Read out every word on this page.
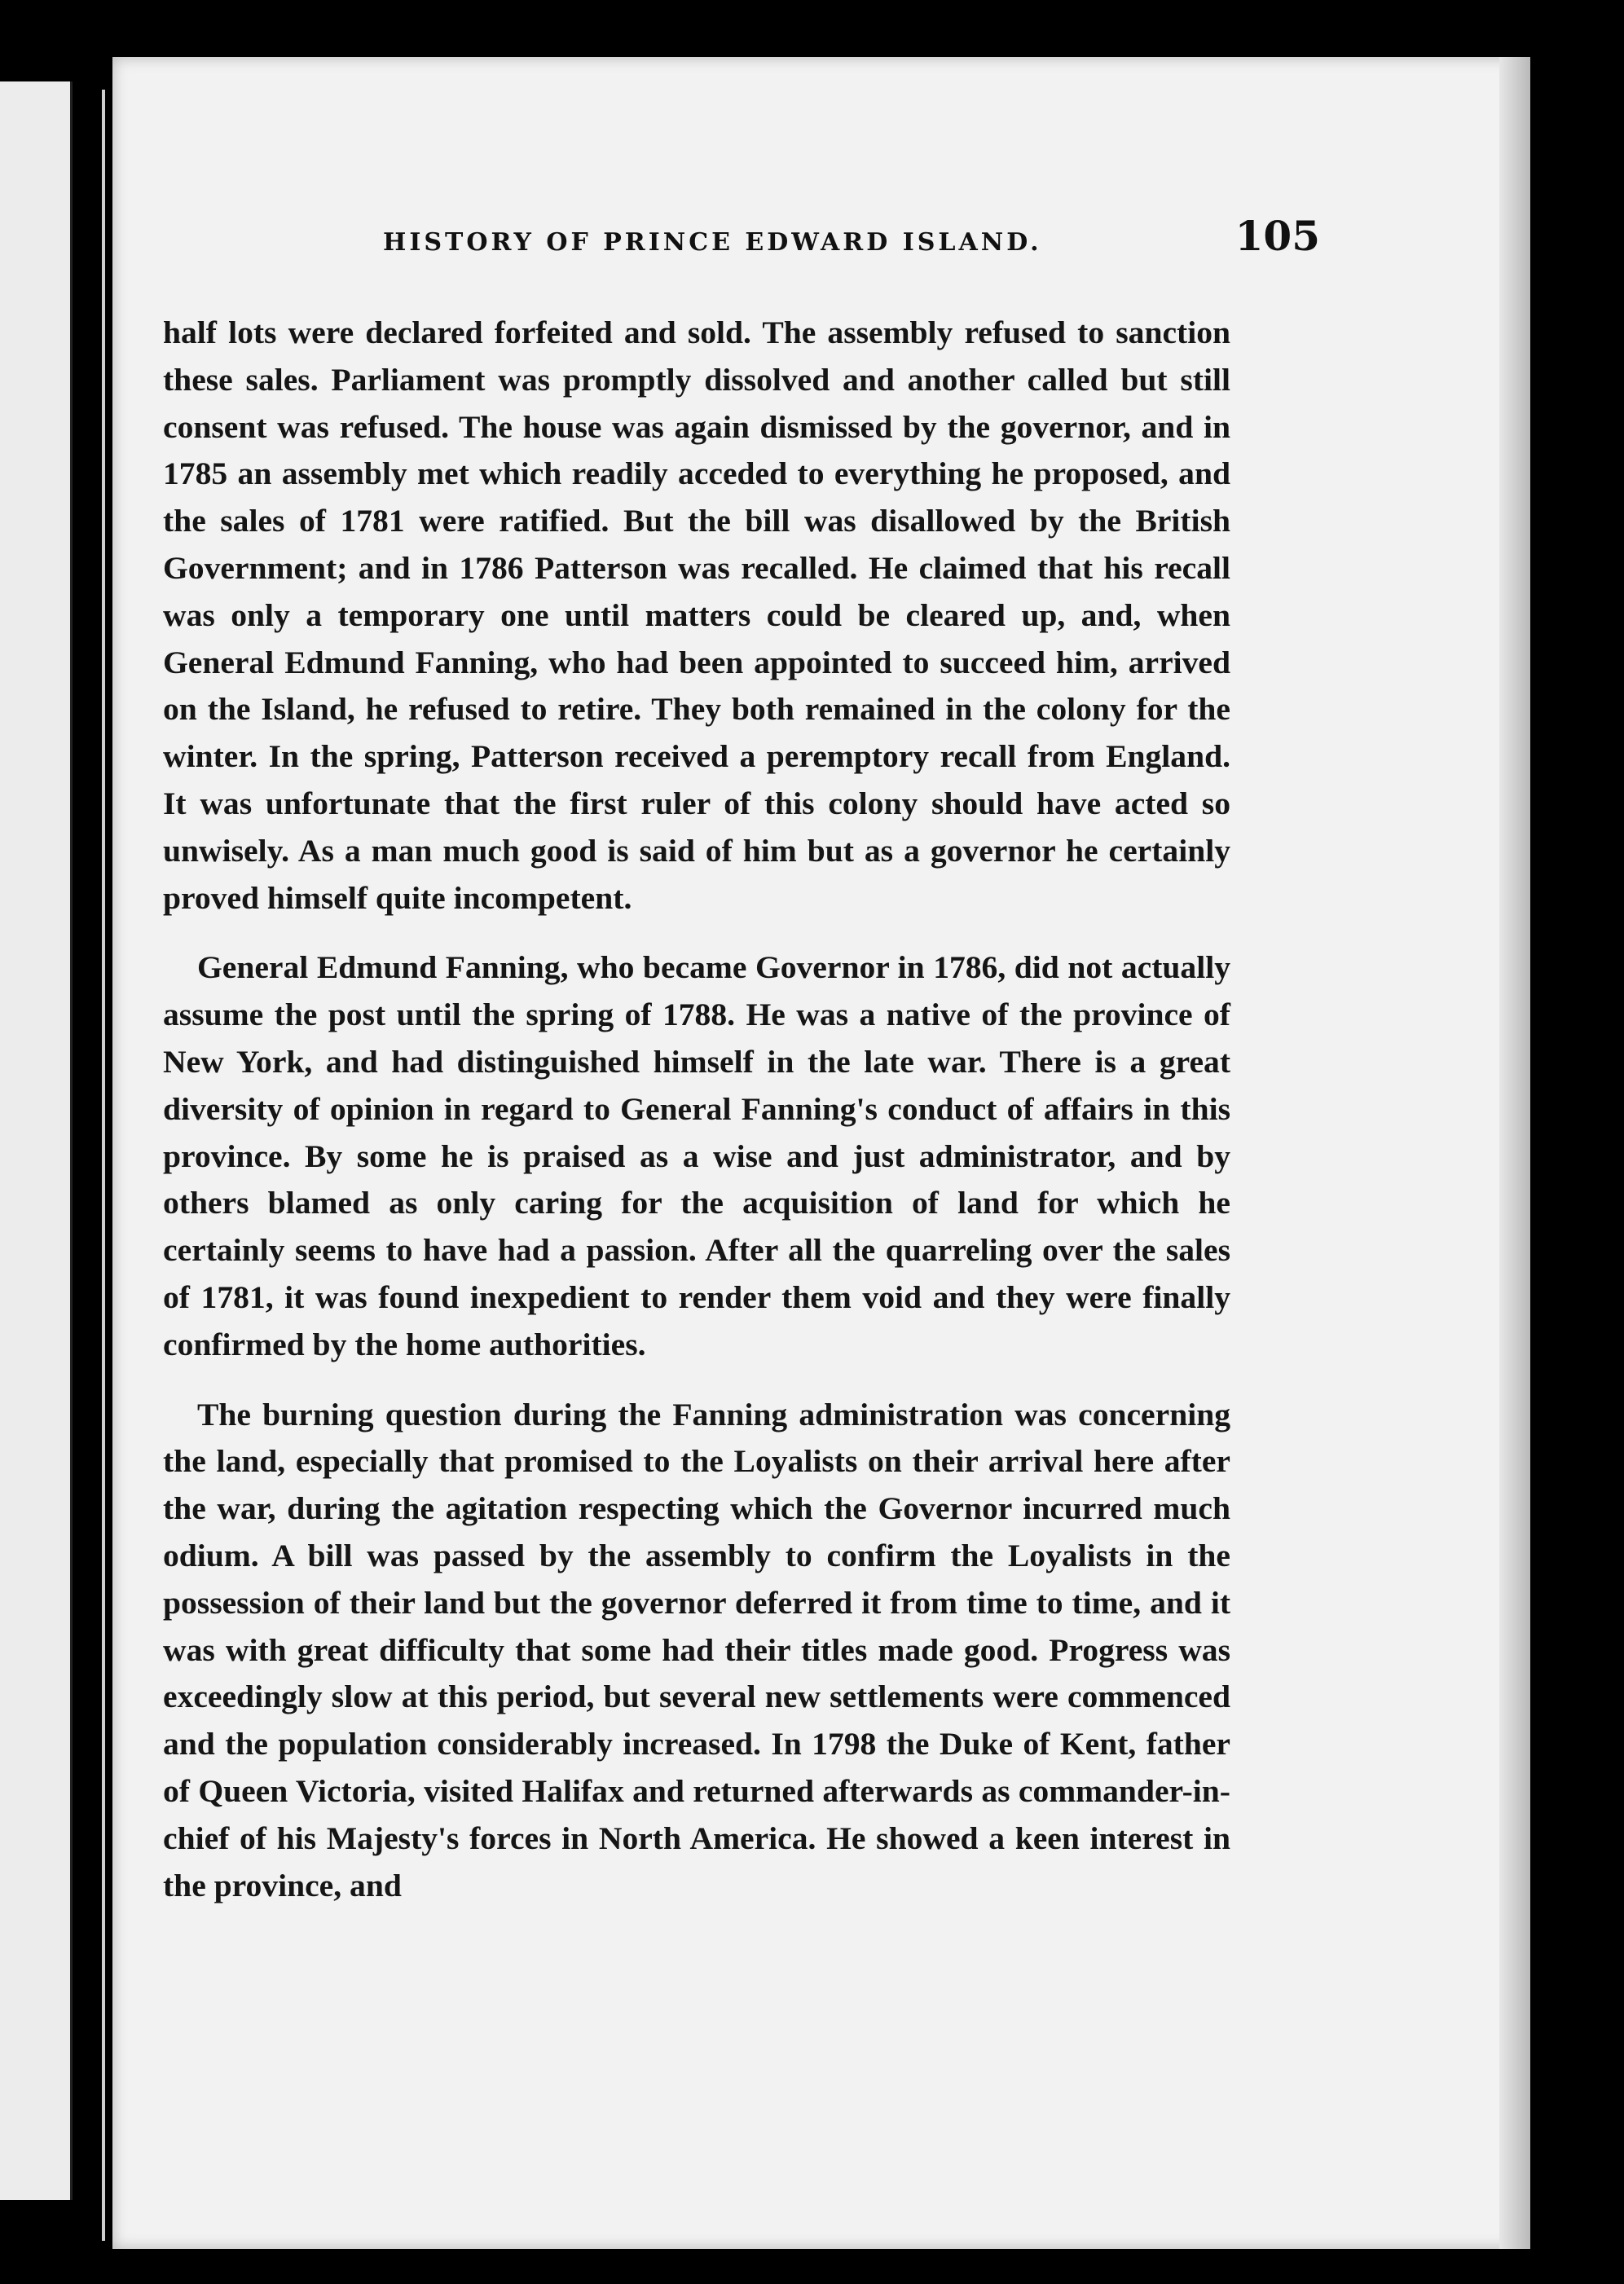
HISTORY OF PRINCE EDWARD ISLAND.	105

half lots were declared forfeited and sold. The assembly refused to sanction these sales. Parliament was promptly dissolved and another called but still consent was refused. The house was again dismissed by the governor, and in 1785 an assembly met which readily acceded to everything he proposed, and the sales of 1781 were ratified. But the bill was disallowed by the British Government; and in 1786 Patterson was recalled. He claimed that his recall was only a temporary one until matters could be cleared up, and, when General Edmund Fanning, who had been appointed to succeed him, arrived on the Island, he refused to retire. They both remained in the colony for the winter. In the spring, Patterson received a peremptory recall from England. It was unfortunate that the first ruler of this colony should have acted so unwisely. As a man much good is said of him but as a governor he certainly proved himself quite incompetent.

General Edmund Fanning, who became Governor in 1786, did not actually assume the post until the spring of 1788. He was a native of the province of New York, and had distinguished himself in the late war. There is a great diversity of opinion in regard to General Fanning's conduct of affairs in this province. By some he is praised as a wise and just administrator, and by others blamed as only caring for the acquisition of land for which he certainly seems to have had a passion. After all the quarreling over the sales of 1781, it was found inexpedient to render them void and they were finally confirmed by the home authorities.

The burning question during the Fanning administration was concerning the land, especially that promised to the Loyalists on their arrival here after the war, during the agitation respecting which the Governor incurred much odium. A bill was passed by the assembly to confirm the Loyalists in the possession of their land but the governor deferred it from time to time, and it was with great difficulty that some had their titles made good. Progress was exceedingly slow at this period, but several new settlements were commenced and the population considerably increased. In 1798 the Duke of Kent, father of Queen Victoria, visited Halifax and returned afterwards as commander-in-chief of his Majesty's forces in North America. He showed a keen interest in the province, and
